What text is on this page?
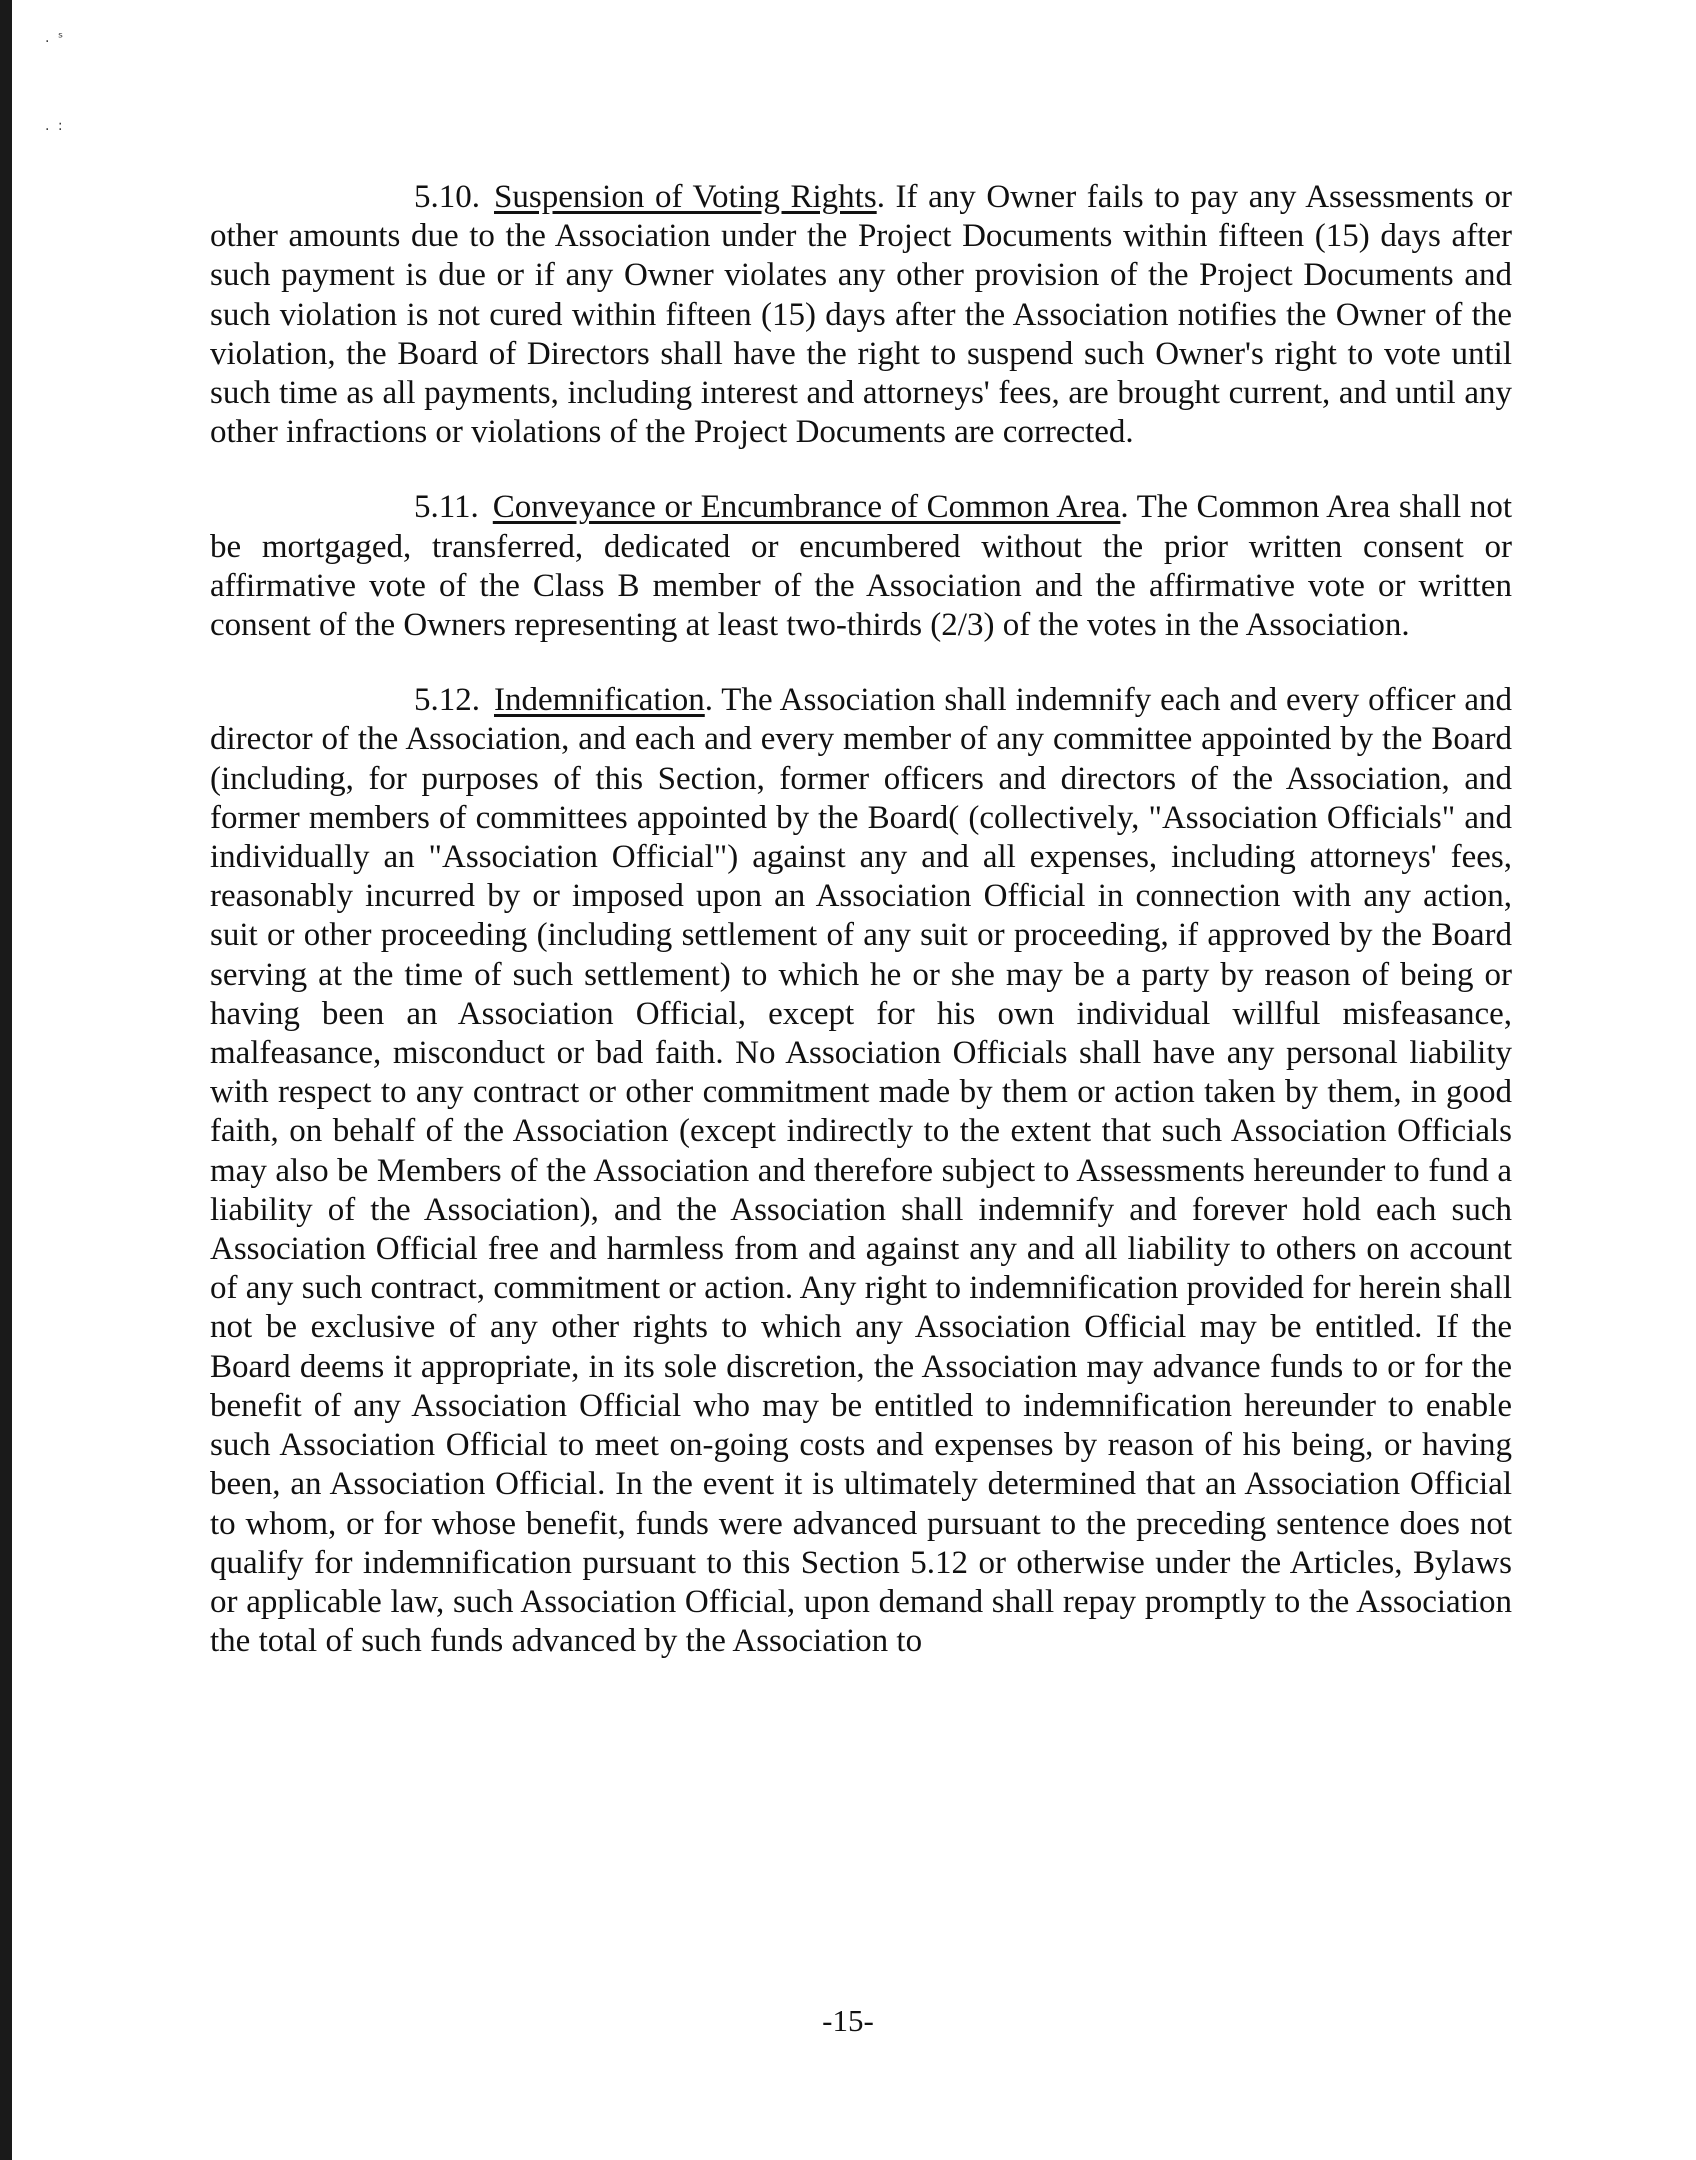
. ˢ
. :

5.10. Suspension of Voting Rights. If any Owner fails to pay any Assessments or other amounts due to the Association under the Project Documents within fifteen (15) days after such payment is due or if any Owner violates any other provision of the Project Documents and such violation is not cured within fifteen (15) days after the Association notifies the Owner of the violation, the Board of Directors shall have the right to suspend such Owner's right to vote until such time as all payments, including interest and attorneys' fees, are brought current, and until any other infractions or violations of the Project Documents are corrected.

5.11. Conveyance or Encumbrance of Common Area. The Common Area shall not be mortgaged, transferred, dedicated or encumbered without the prior written consent or affirmative vote of the Class B member of the Association and the affirmative vote or written consent of the Owners representing at least two-thirds (2/3) of the votes in the Association.

5.12. Indemnification. The Association shall indemnify each and every officer and director of the Association, and each and every member of any committee appointed by the Board (including, for purposes of this Section, former officers and directors of the Association, and former members of committees appointed by the Board( (collectively, "Association Officials" and individually an "Association Official") against any and all expenses, including attorneys' fees, reasonably incurred by or imposed upon an Association Official in connection with any action, suit or other proceeding (including settlement of any suit or proceeding, if approved by the Board serving at the time of such settlement) to which he or she may be a party by reason of being or having been an Association Official, except for his own individual willful misfeasance, malfeasance, misconduct or bad faith. No Association Officials shall have any personal liability with respect to any contract or other commitment made by them or action taken by them, in good faith, on behalf of the Association (except indirectly to the extent that such Association Officials may also be Members of the Association and therefore subject to Assessments hereunder to fund a liability of the Association), and the Association shall indemnify and forever hold each such Association Official free and harmless from and against any and all liability to others on account of any such contract, commitment or action. Any right to indemnification provided for herein shall not be exclusive of any other rights to which any Association Official may be entitled. If the Board deems it appropriate, in its sole discretion, the Association may advance funds to or for the benefit of any Association Official who may be entitled to indemnification hereunder to enable such Association Official to meet on-going costs and expenses by reason of his being, or having been, an Association Official. In the event it is ultimately determined that an Association Official to whom, or for whose benefit, funds were advanced pursuant to the preceding sentence does not qualify for indemnification pursuant to this Section 5.12 or otherwise under the Articles, Bylaws or applicable law, such Association Official, upon demand shall repay promptly to the Association the total of such funds advanced by the Association to

-15-
